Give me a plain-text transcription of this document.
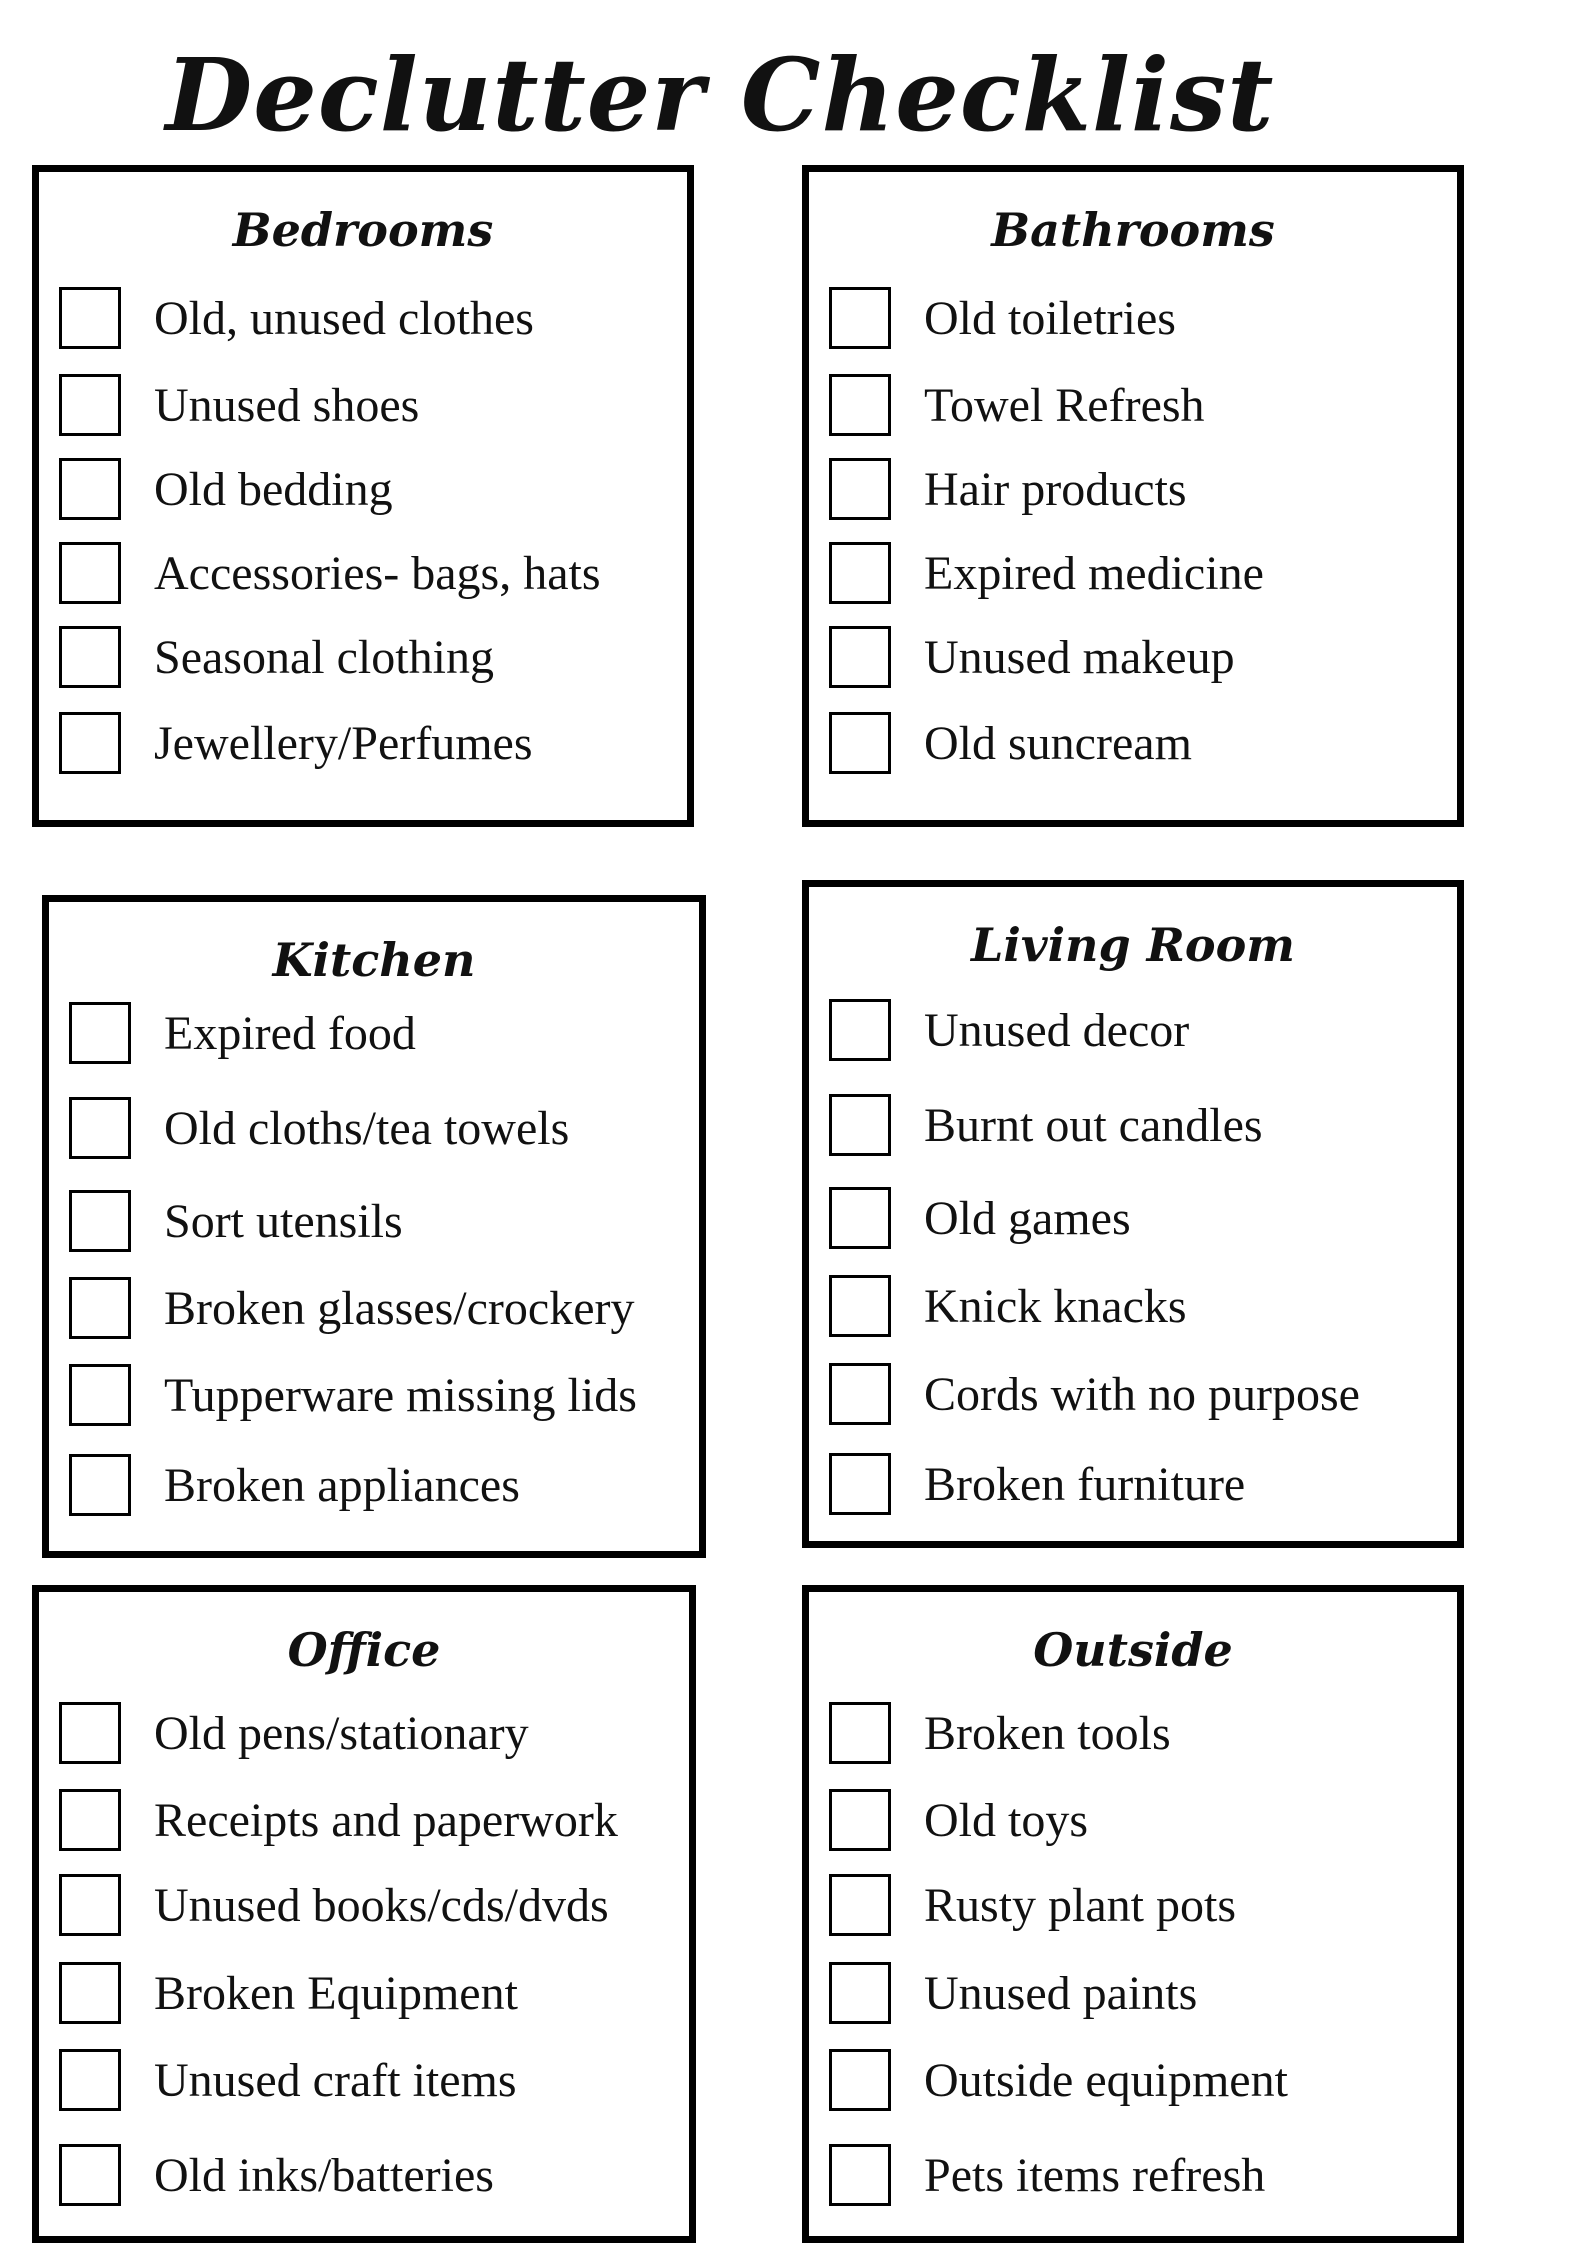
Declutter Checklist
Bedrooms
Old, unused clothes
Unused shoes
Old bedding
Accessories- bags, hats
Seasonal clothing
Jewellery/Perfumes
Bathrooms
Old toiletries
Towel Refresh
Hair products
Expired medicine
Unused makeup
Old suncream
Kitchen
Expired food
Old cloths/tea towels
Sort utensils
Broken glasses/crockery
Tupperware missing lids
Broken appliances
Living Room
Unused decor
Burnt out candles
Old games
Knick knacks
Cords with no purpose
Broken furniture
Office
Old pens/stationary
Receipts and paperwork
Unused books/cds/dvds
Broken Equipment
Unused craft items
Old inks/batteries
Outside
Broken tools
Old toys
Rusty plant pots
Unused paints
Outside equipment
Pets items refresh
